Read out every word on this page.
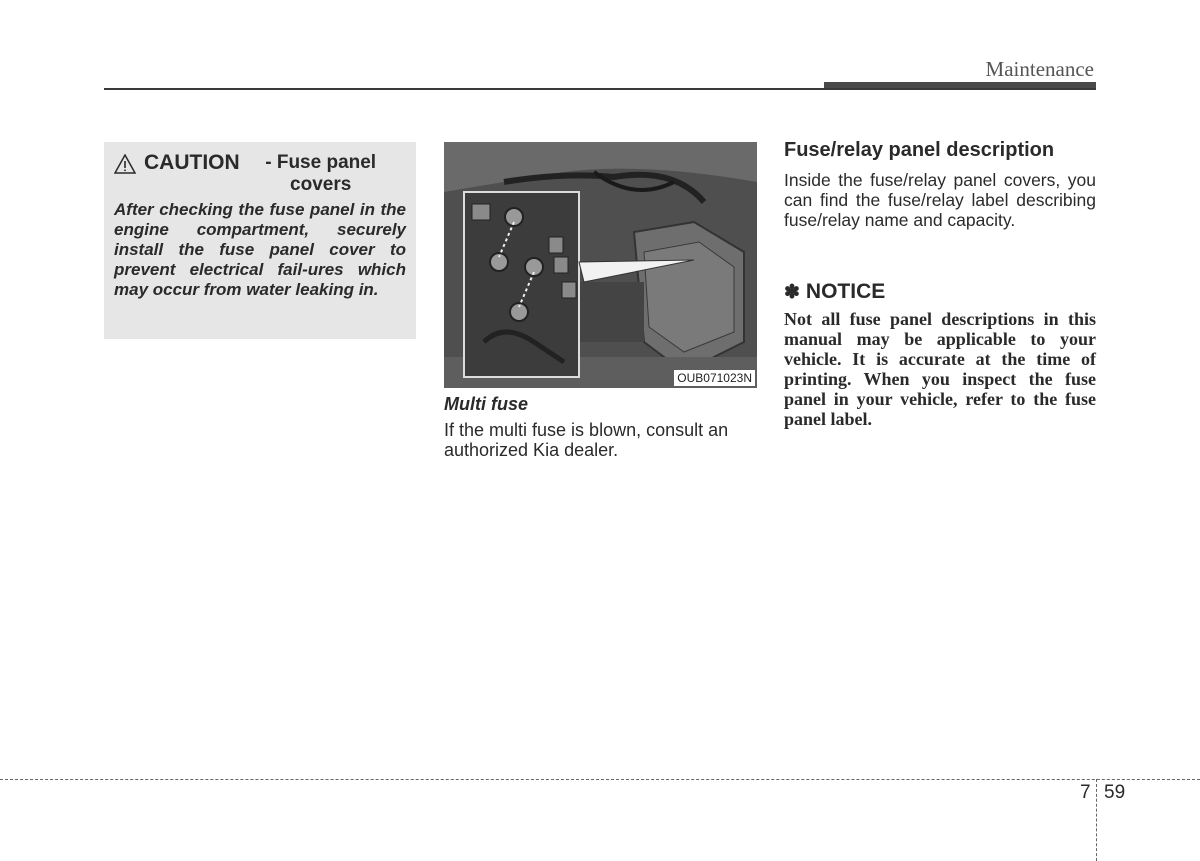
Maintenance
CAUTION	- Fuse panel covers
After checking the fuse panel in the engine compartment, securely install the fuse panel cover to prevent electrical fail-ures which may occur from water leaking in.
OUB071023N
Multi fuse
If the multi fuse is blown, consult an authorized Kia dealer.
Fuse/relay panel description
Inside the fuse/relay panel covers, you can find the fuse/relay label describing fuse/relay name and capacity.
✽ NOTICE
Not all fuse panel descriptions in this manual may be applicable to your vehicle. It is accurate at the time of printing. When you inspect the fuse panel in your vehicle, refer to the fuse panel label.
7 59
